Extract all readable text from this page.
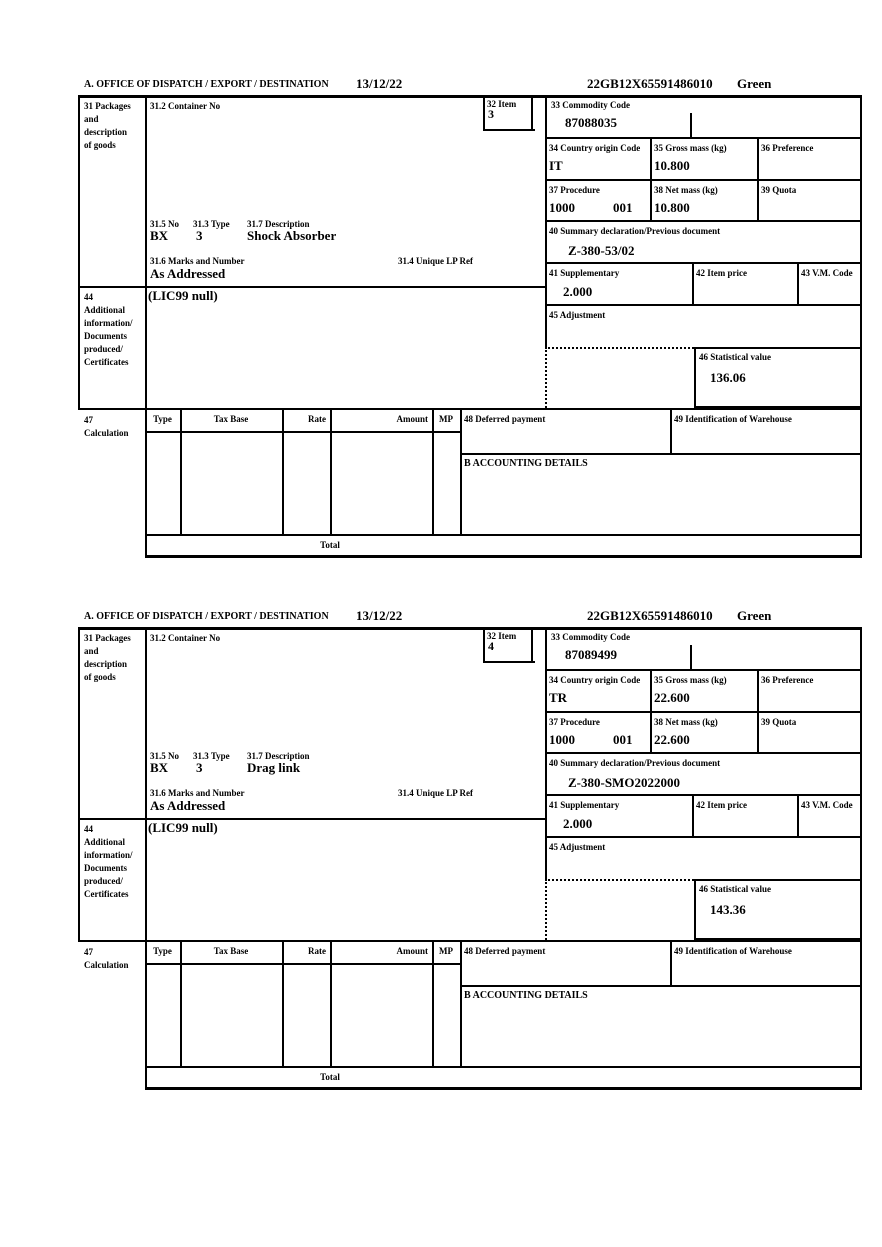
A. OFFICE OF DISPATCH / EXPORT / DESTINATION 13/12/22	22GB12X65591486010 Green
31 Packages
and
description
of goods
31.2 Container No
31.5 No 31.3 Type 31.7 Description
BX 3	Shock Absorber
31.6 Marks and Number	31.4 Unique LP Ref
As Addressed
32 Item
3
33 Commodity Code
87088035
34 Country origin Code
IT
35 Gross mass (kg)
10.800
36 Preference
37 Procedure
1000	001
38 Net mass (kg)
10.800
39 Quota
40 Summary declaration/Previous document
Z-380-53/02
41 Supplementary
2.000
42 Item price	43 V.M. Code
44
Additional
information/
Documents
produced/
Certificates
(LIC99 null)
45 Adjustment
46 Statistical value
136.06
47
Calculation
Type	Tax Base	Rate	Amount	MP	48 Deferred payment	49 Identification of Warehouse
B ACCOUNTING DETAILS
Total
A. OFFICE OF DISPATCH / EXPORT / DESTINATION 13/12/22	22GB12X65591486010 Green
31 Packages
and
description
of goods
31.2 Container No
31.5 No 31.3 Type 31.7 Description
BX 3	Drag link
31.6 Marks and Number	31.4 Unique LP Ref
As Addressed
32 Item
4
33 Commodity Code
87089499
34 Country origin Code
TR
35 Gross mass (kg)
22.600
36 Preference
37 Procedure
1000	001
38 Net mass (kg)
22.600
39 Quota
40 Summary declaration/Previous document
Z-380-SMO2022000
41 Supplementary
2.000
42 Item price	43 V.M. Code
44
Additional
information/
Documents
produced/
Certificates
(LIC99 null)
45 Adjustment
46 Statistical value
143.36
47
Calculation
Type	Tax Base	Rate	Amount	MP	48 Deferred payment	49 Identification of Warehouse
B ACCOUNTING DETAILS
Total
